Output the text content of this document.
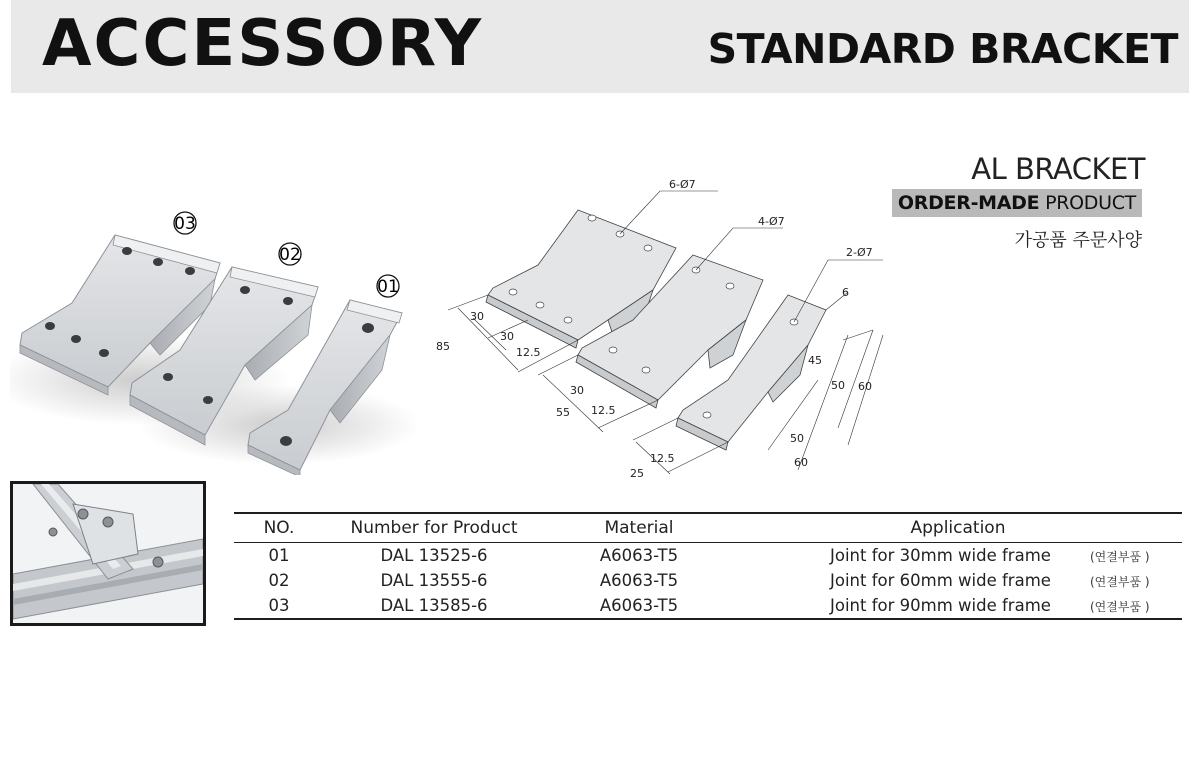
ACCESSORY	STANDARD BRACKET
AL BRACKET
ORDER-MADE PRODUCT
가공품 주문사양
03
02
01
6-Ø7
4-Ø7
2-Ø7
30
30
85	12.5
30
55 12.5
6
45
50 60
50
60
12.5
25
NO.	Number for Product	Material	Application
01	DAL 13525-6	A6063-T5	Joint for 30mm wide frame (연결부품 )
02	DAL 13555-6	A6063-T5	Joint for 60mm wide frame (연결부품 )
03	DAL 13585-6	A6063-T5	Joint for 90mm wide frame (연결부품 )
